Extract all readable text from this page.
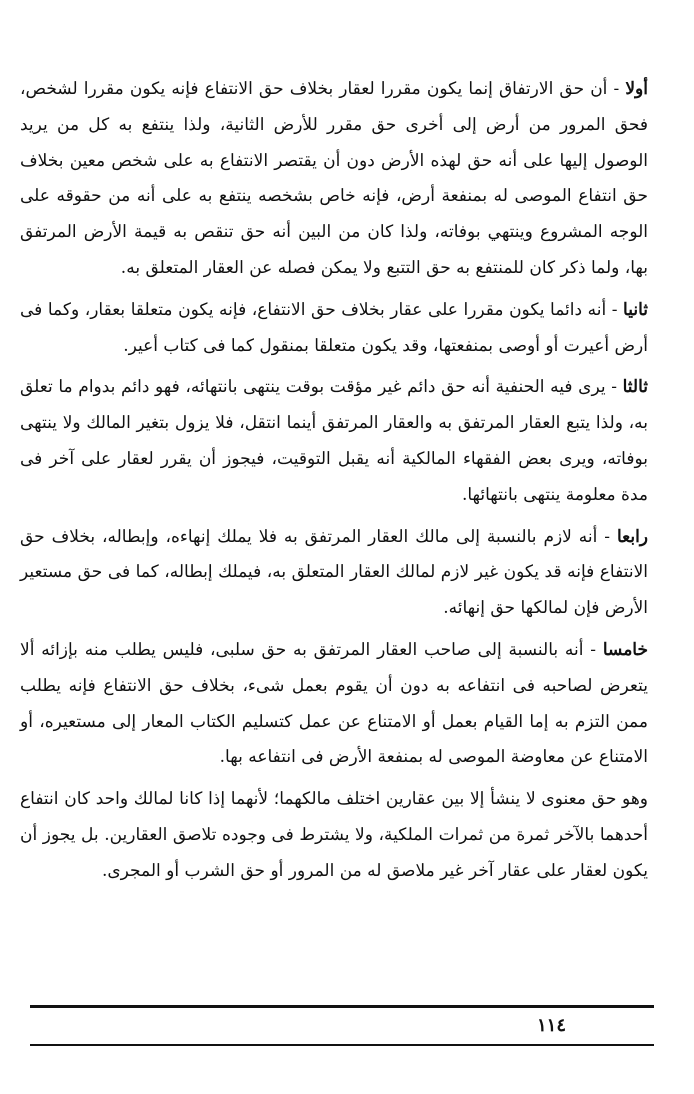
أولا - أن حق الارتفاق إنما يكون مقررا لعقار بخلاف حق الانتفاع فإنه يكون مقررا لشخص، فحق المرور من أرض إلى أخرى حق مقرر للأرض الثانية، ولذا ينتفع به كل من يريد الوصول إليها على أنه حق لهذه الأرض دون أن يقتصر الانتفاع به على شخص معين بخلاف حق انتفاع الموصى له بمنفعة أرض، فإنه خاص بشخصه ينتفع به على أنه من حقوقه على الوجه المشروع وينتهي بوفاته، ولذا كان من البين أنه حق تنقص به قيمة الأرض المرتفق بها، ولما ذكر كان للمنتفع به حق التتبع ولا يمكن فصله عن العقار المتعلق به.

ثانيا - أنه دائما يكون مقررا على عقار بخلاف حق الانتفاع، فإنه يكون متعلقا بعقار، وكما فى أرض أعيرت أو أوصى بمنفعتها، وقد يكون متعلقا بمنقول كما فى كتاب أعير.

ثالثا - يرى فيه الحنفية أنه حق دائم غير مؤقت بوقت ينتهى بانتهائه، فهو دائم بدوام ما تعلق به، ولذا يتبع العقار المرتفق به والعقار المرتفق أينما انتقل، فلا يزول بتغير المالك ولا ينتهى بوفاته، ويرى بعض الفقهاء المالكية أنه يقبل التوقيت، فيجوز أن يقرر لعقار على آخر فى مدة معلومة ينتهى بانتهائها.

رابعا - أنه لازم بالنسبة إلى مالك العقار المرتفق به فلا يملك إنهاءه، وإبطاله، بخلاف حق الانتفاع فإنه قد يكون غير لازم لمالك العقار المتعلق به، فيملك إبطاله، كما فى حق مستعير الأرض فإن لمالكها حق إنهائه.

خامسا - أنه بالنسبة إلى صاحب العقار المرتفق به حق سلبى، فليس يطلب منه بإزائه ألا يتعرض لصاحبه فى انتفاعه به دون أن يقوم بعمل شىء، بخلاف حق الانتفاع فإنه يطلب ممن التزم به إما القيام بعمل أو الامتناع عن عمل كتسليم الكتاب المعار إلى مستعيره، أو الامتناع عن معاوضة الموصى له بمنفعة الأرض فى انتفاعه بها.

وهو حق معنوى لا ينشأ إلا بين عقارين اختلف مالكهما؛ لأنهما إذا كانا لمالك واحد كان انتفاع أحدهما بالآخر ثمرة من ثمرات الملكية، ولا يشترط فى وجوده تلاصق العقارين. بل يجوز أن يكون لعقار على عقار آخر غير ملاصق له من المرور أو حق الشرب أو المجرى.

١١٤
